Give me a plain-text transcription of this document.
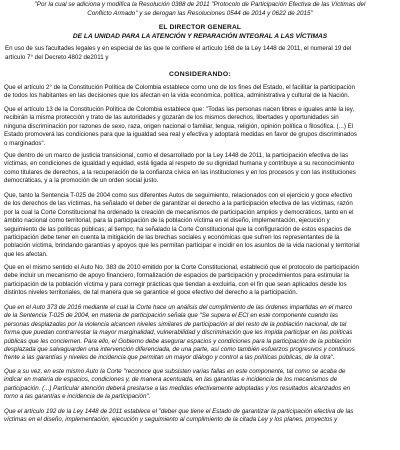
"Por la cual se adiciona y modifica la Resolución 0388 de 2011 "Protocolo de Participación Efectiva de las Víctimas del
Conflicto Armado" y se derogan las Resoluciones 0544 de 2014 y 0622 de 2015"
EL DIRECTOR GENERAL
DE LA UNIDAD PARA LA ATENCIÓN Y REPARACIÓN INTEGRAL A LAS VÍCTIMAS
En uso de sus facultades legales y en especial de las que le confiere el artículo 168 de la Ley 1448 de 2011, el numeral 19 del
artículo 7° del Decreto 4802 de2011 y
CONSIDERANDO:

Que el artículo 2° de la Constitución Política de Colombia establece como uno de los fines del Estado, el facilitar la participación
de todos los habitantes en las decisiones que los afectan en la vida económica, política, administrativa y cultural de la Nación.

Que el artículo 13 de la Constitución Política de Colombia establece que: "Todas las personas nacen libres e iguales ante la ley,
recibirán la misma protección y trato de las autoridades y gozarán de los mismos derechos, libertades y oportunidades sin
ninguna discriminación por razones de sexo, raza, origen nacional o familiar, lengua, religión, opinión política o filosófica. (...) El
Estado promoverá las condiciones para que la igualdad sea real y efectiva y adoptará medidas en favor de grupos discriminados
o marginados".

Que dentro de un marco de justicia transicional, como el desarrollado por la Ley 1448 de 2011, la participación efectiva de las
víctimas, en condiciones de igualdad y equidad, está ligada al respeto de su dignidad humana y contribuye a su reconocimiento
como titulares de derechos, a la recuperación de la confianza cívica en las instituciones y en los procesos y con las instituciones
democráticas, y a la promoción de un orden social justo.

Que, tanto la Sentencia T-025 de 2004 como sus diferentes Autos de seguimiento, relacionados con el ejercicio y goce efectivo
de los derechos de las víctimas, ha señalado el deber de garantizar el derecho a la participación efectiva de las víctimas, razón
por la cual la Corte Constitucional ha ordenado la creación de mecanismos de participación amplios y democráticos, tanto en el
ámbito nacional como territorial, para la participación de la población víctima en el diseño, implementación, ejecución y
seguimiento de las políticas públicas; al tiempo, ha señalado la Corte Constitucional que la configuración de estos espacios de
participación debe tener en cuenta la mitigación de las brechas sociales y económicas que sufren los representantes de la
población víctima, brindando garantías y apoyos que les permitan participar e incidir en los asuntos de la vida nacional y territorial
que les afectan.

Que en el mismo sentido el Auto No. 383 de 2010 emitido por la Corte Constitucional, estableció que el protocolo de participación
debe incluir un mecanismo de apoyo financiero, formalización de espacios de participación y procedimientos para estimular la
participación de la población víctima y para corregir prácticas que tiendan a excluirla, con el fin que sean aplicados desde los
distintos niveles territoriales, de tal manera que se garantice el goce efectivo del derecho a la participación.

Que en el Auto 373 de 2016 mediante el cual la Corte hace un análisis del cumplimiento de las órdenes impartidas en el marco
de la Sentencia T-025 de 2004, en materia de participación señala que "Se supera el ECI en este componente cuando las
personas desplazadas por la violencia alcancen niveles similares de participación al del resto de la población nacional, de tal
forma que puedan contrarrestar la mayor marginalidad, vulnerabilidad y discriminación que les impida participar en las políticas
públicas que les conciernen. Para ello, el Gobierno debe asegurar espacios y condiciones para la participación de la población
desplazada que salvaguarden una intervención diferenciada, de una parte, así como también esfuerzos progresivos y continuos
frente a las garantías y niveles de incidencia que permitan un mayor diálogo y control a las políticas públicas, de la otra".

Que a su vez, en este mismo Auto la Corte "reconoce que subsisten varias fallas en este componente, tal como se acaba de
indicar en materia de espacios, condiciones y, de manera acentuada, en las garantías e incidencia de los mecanismos de
participación. (...) Particular atención deberá prestarse a las medidas efectivamente adoptadas y los resultados alcanzados en
torno a las garantías e incidencia de la participación".

Que el artículo 192 de la Ley 1448 de 2011 establece el "deber que tiene el Estado de garantizar la participación efectiva de las
víctimas en el diseño, implementación, ejecución y seguimiento al cumplimiento de la citada Ley y los planes, proyectos y
